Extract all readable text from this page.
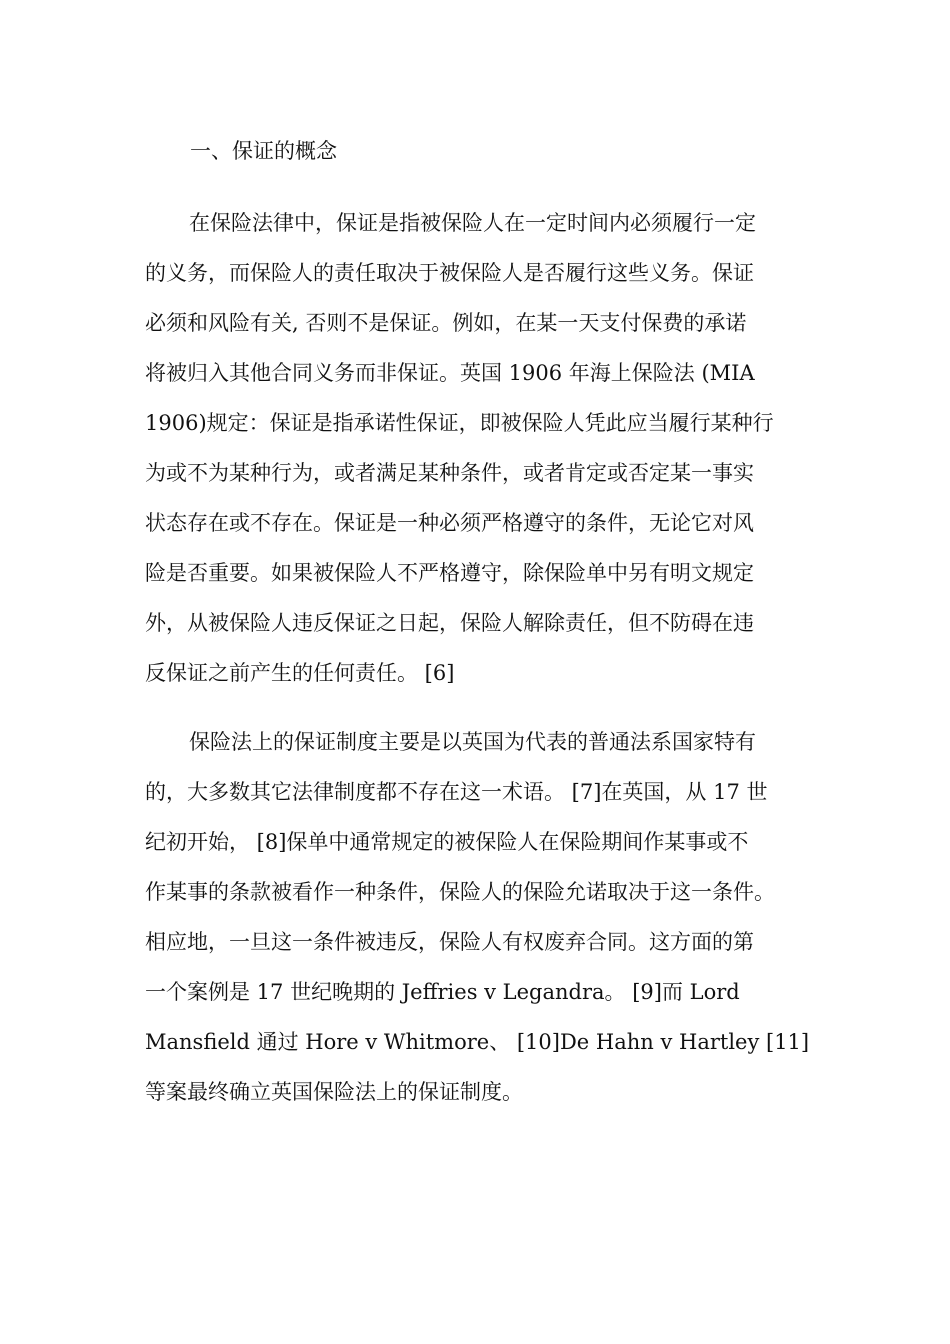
一、保证的概念
在保险法律中，保证是指被保险人在一定时间内必须履行一定
的义务，而保险人的责任取决于被保险人是否履行这些义务。保证
必须和风险有关, 否则不是保证。例如，在某一天支付保费的承诺
将被归入其他合同义务而非保证。英国 1906 年海上保险法 (MIA
1906)规定：保证是指承诺性保证，即被保险人凭此应当履行某种行
为或不为某种行为，或者满足某种条件，或者肯定或否定某一事实
状态存在或不存在。保证是一种必须严格遵守的条件，无论它对风
险是否重要。如果被保险人不严格遵守，除保险单中另有明文规定
外，从被保险人违反保证之日起，保险人解除责任，但不防碍在违
反保证之前产生的任何责任。 [6]
保险法上的保证制度主要是以英国为代表的普通法系国家特有
的，大多数其它法律制度都不存在这一术语。 [7]在英国，从 17 世
纪初开始， [8]保单中通常规定的被保险人在保险期间作某事或不
作某事的条款被看作一种条件，保险人的保险允诺取决于这一条件。
相应地，一旦这一条件被违反，保险人有权废弃合同。这方面的第
一个案例是 17 世纪晚期的 Jeffries v Legandra。 [9]而 Lord
Mansfield 通过 Hore v Whitmore、 [10]De Hahn v Hartley [11]
等案最终确立英国保险法上的保证制度。
